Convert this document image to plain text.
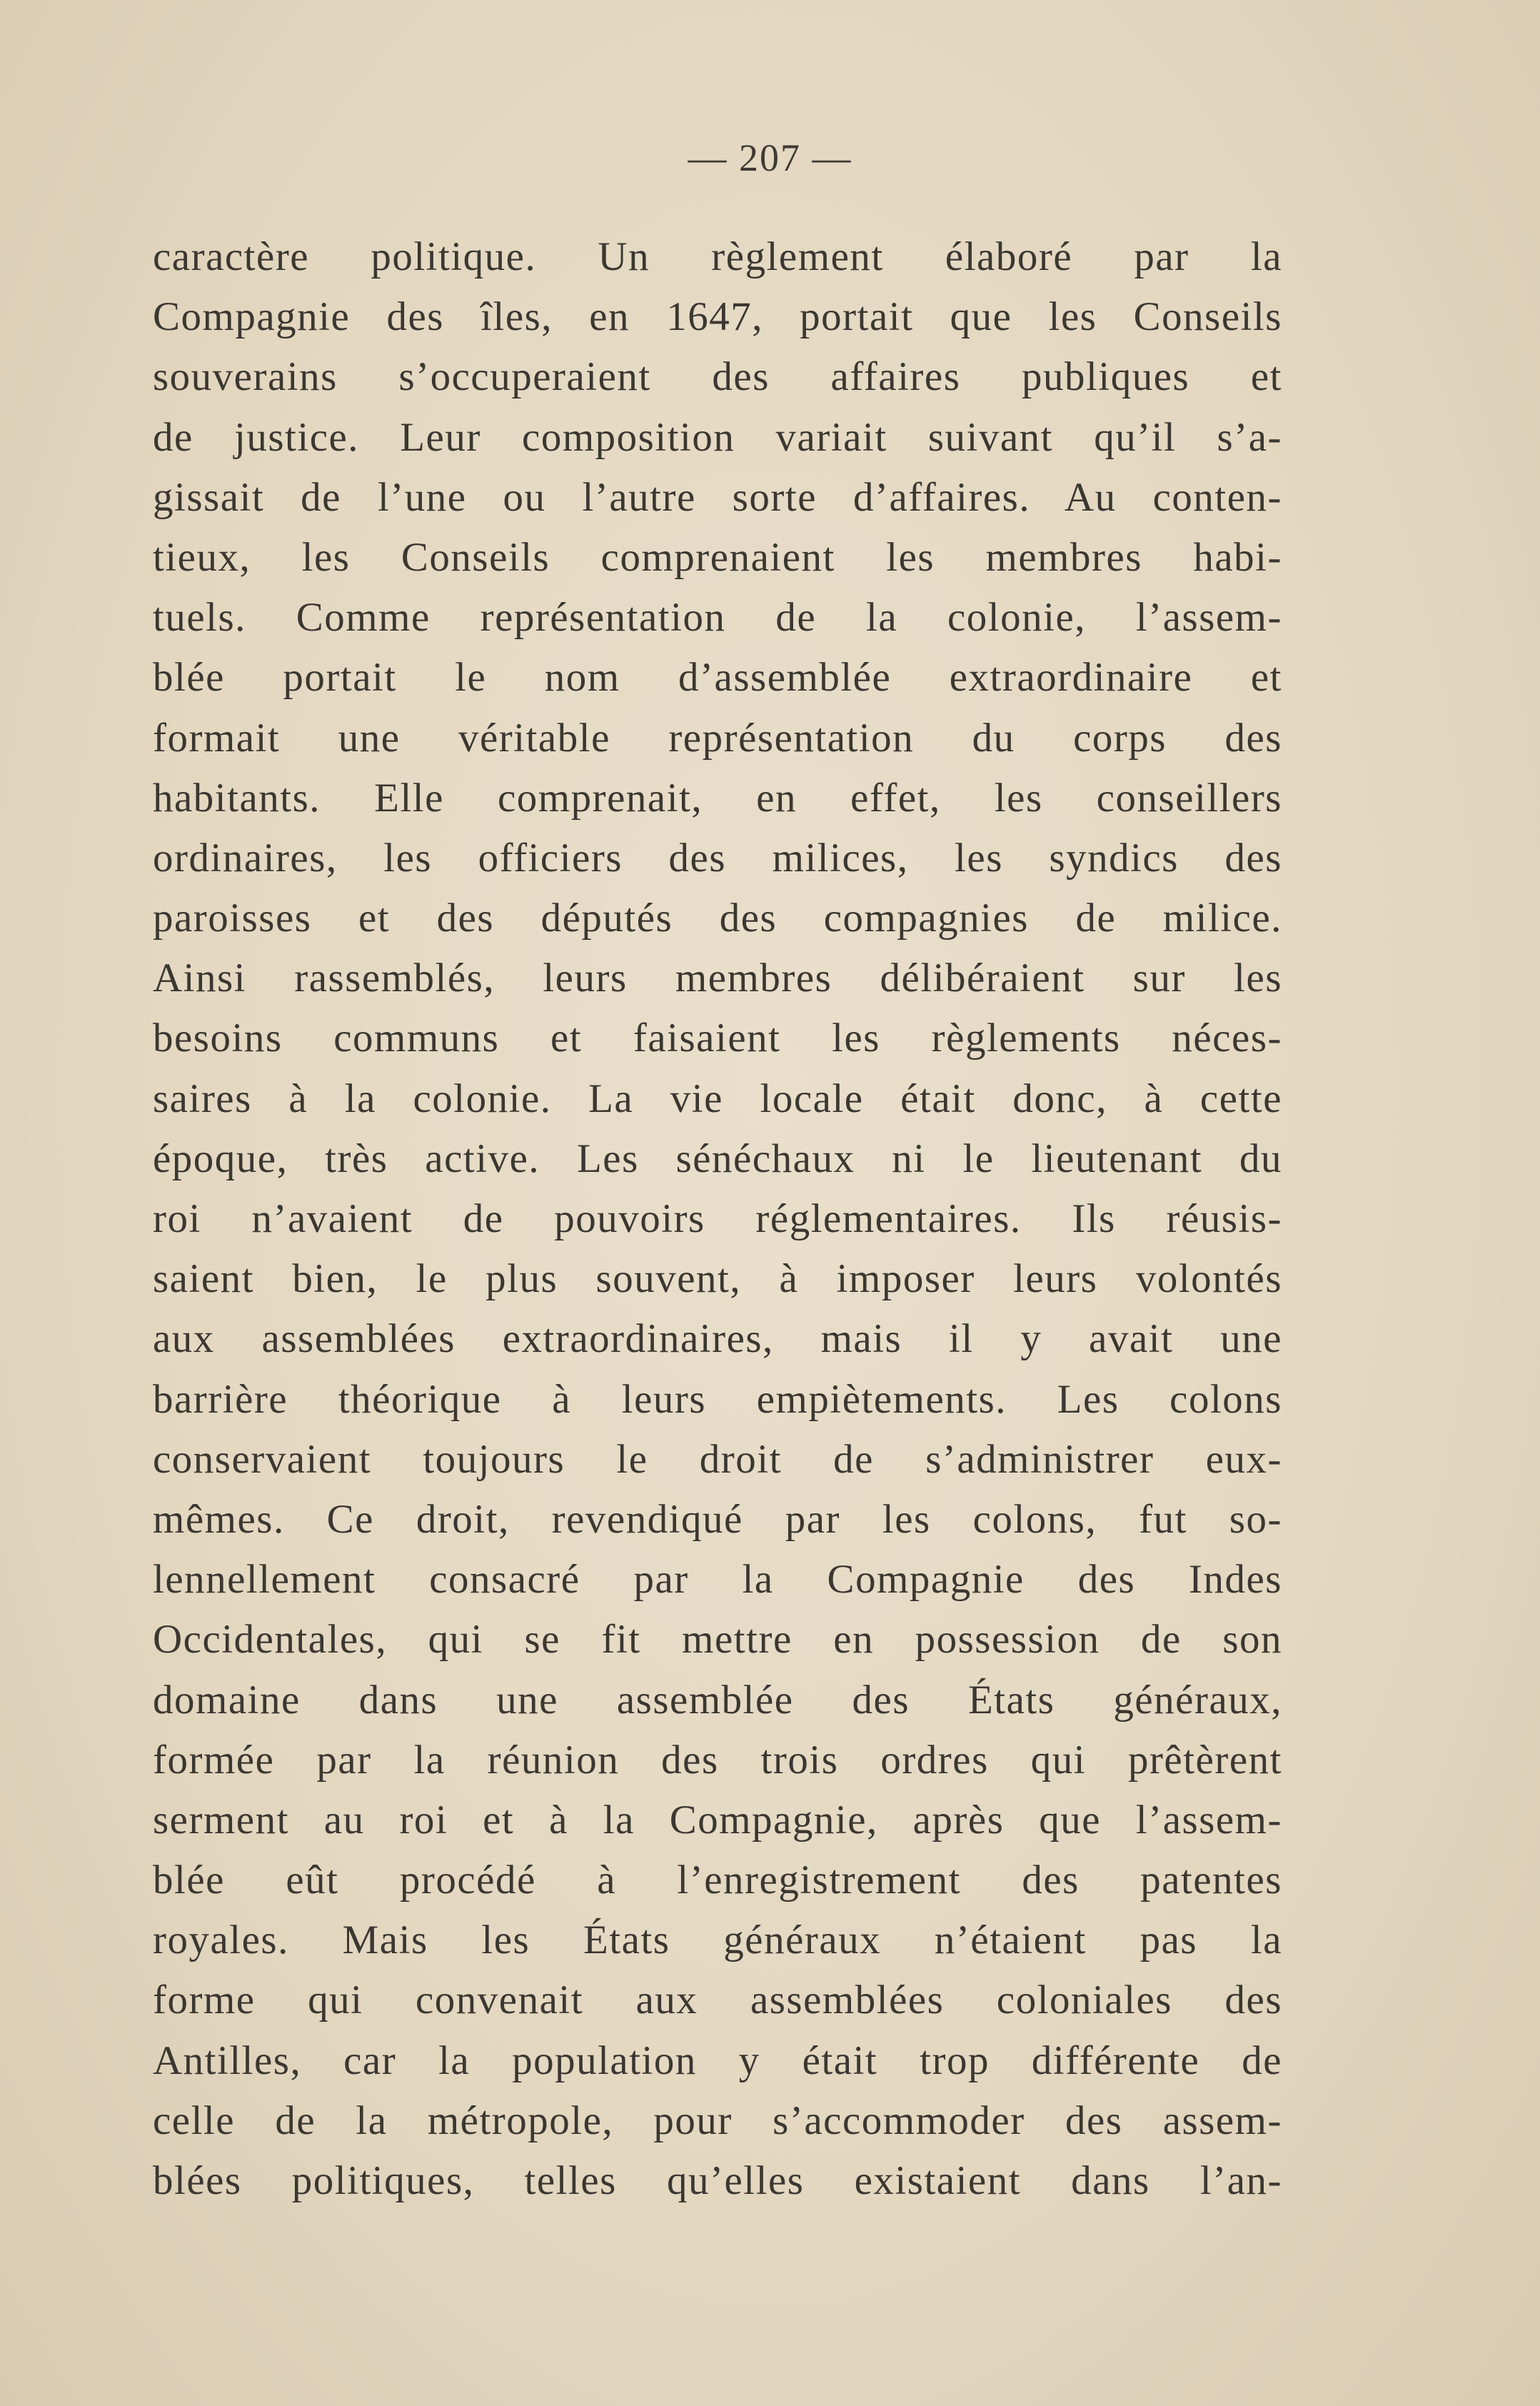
— 207 —
caractère politique. Un règlement élaboré par la
Compagnie des îles, en 1647, portait que les Conseils
souverains s’occuperaient des affaires publiques et
de justice. Leur composition variait suivant qu’il s’a-
gissait de l’une ou l’autre sorte d’affaires. Au conten-
tieux, les Conseils comprenaient les membres habi-
tuels. Comme représentation de la colonie, l’assem-
blée portait le nom d’assemblée extraordinaire et
formait une véritable représentation du corps des
habitants. Elle comprenait, en effet, les conseillers
ordinaires, les officiers des milices, les syndics des
paroisses et des députés des compagnies de milice.
Ainsi rassemblés, leurs membres délibéraient sur les
besoins communs et faisaient les règlements néces-
saires à la colonie. La vie locale était donc, à cette
époque, très active. Les sénéchaux ni le lieutenant du
roi n’avaient de pouvoirs réglementaires. Ils réusis-
saient bien, le plus souvent, à imposer leurs volontés
aux assemblées extraordinaires, mais il y avait une
barrière théorique à leurs empiètements. Les colons
conservaient toujours le droit de s’administrer eux-
mêmes. Ce droit, revendiqué par les colons, fut so-
lennellement consacré par la Compagnie des Indes
Occidentales, qui se fit mettre en possession de son
domaine dans une assemblée des États généraux,
formée par la réunion des trois ordres qui prêtèrent
serment au roi et à la Compagnie, après que l’assem-
blée eût procédé à l’enregistrement des patentes
royales. Mais les États généraux n’étaient pas la
forme qui convenait aux assemblées coloniales des
Antilles, car la population y était trop différente de
celle de la métropole, pour s’accommoder des assem-
blées politiques, telles qu’elles existaient dans l’an-
